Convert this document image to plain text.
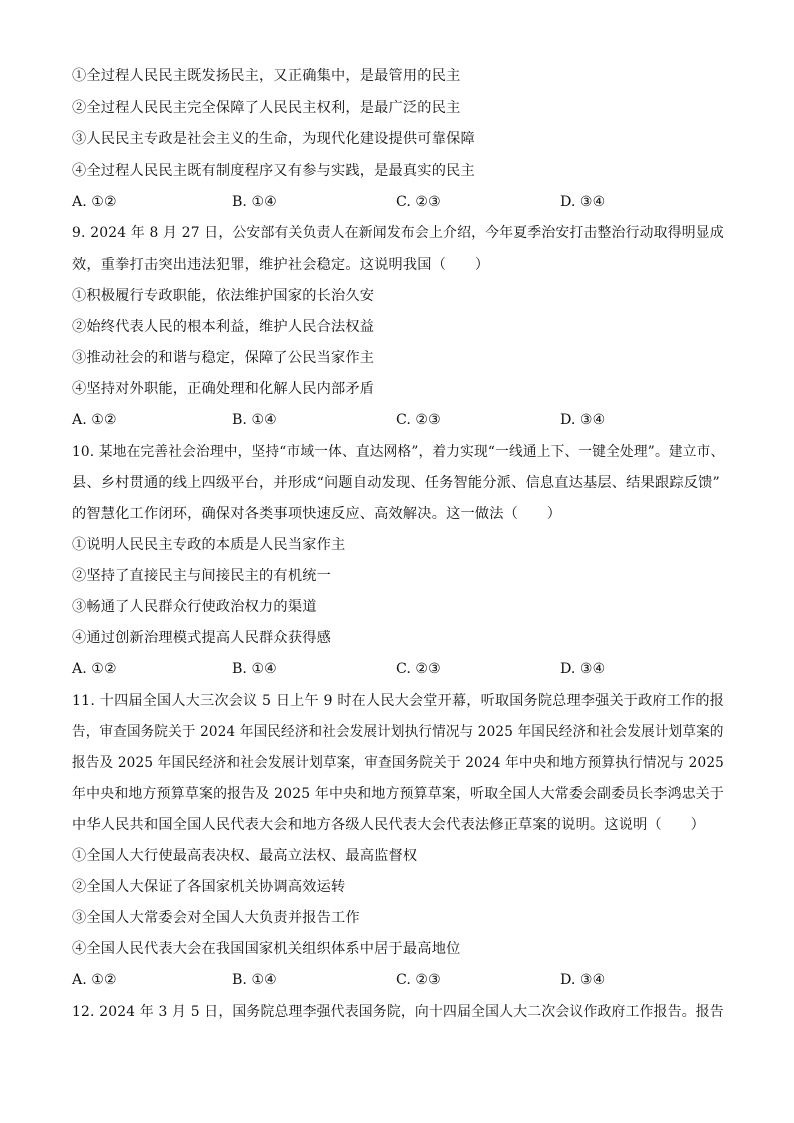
①全过程人民民主既发扬民主，又正确集中，是最管用的民主
②全过程人民民主完全保障了人民民主权利，是最广泛的民主
③人民民主专政是社会主义的生命，为现代化建设提供可靠保障
④全过程人民民主既有制度程序又有参与实践，是最真实的民主
A. ①②	B. ①④	C. ②③	D. ③④
9. 2024 年 8 月 27 日，公安部有关负责人在新闻发布会上介绍，今年夏季治安打击整治行动取得明显成
效，重拳打击突出违法犯罪，维护社会稳定。这说明我国（　　）
①积极履行专政职能，依法维护国家的长治久安
②始终代表人民的根本利益，维护人民合法权益
③推动社会的和谐与稳定，保障了公民当家作主
④坚持对外职能，正确处理和化解人民内部矛盾
A. ①②	B. ①④	C. ②③	D. ③④
10. 某地在完善社会治理中，坚持“市域一体、直达网格”，着力实现“一线通上下、一键全处理”。建立市、
县、乡村贯通的线上四级平台，并形成“问题自动发现、任务智能分派、信息直达基层、结果跟踪反馈”
的智慧化工作闭环，确保对各类事项快速反应、高效解决。这一做法（　　）
①说明人民民主专政的本质是人民当家作主
②坚持了直接民主与间接民主的有机统一
③畅通了人民群众行使政治权力的渠道
④通过创新治理模式提高人民群众获得感
A. ①②	B. ①④	C. ②③	D. ③④
11. 十四届全国人大三次会议 5 日上午 9 时在人民大会堂开幕，听取国务院总理李强关于政府工作的报
告，审查国务院关于 2024 年国民经济和社会发展计划执行情况与 2025 年国民经济和社会发展计划草案的
报告及 2025 年国民经济和社会发展计划草案，审查国务院关于 2024 年中央和地方预算执行情况与 2025
年中央和地方预算草案的报告及 2025 年中央和地方预算草案，听取全国人大常委会副委员长李鸿忠关于
中华人民共和国全国人民代表大会和地方各级人民代表大会代表法修正草案的说明。这说明（　　）
①全国人大行使最高表决权、最高立法权、最高监督权
②全国人大保证了各国家机关协调高效运转
③全国人大常委会对全国人大负责并报告工作
④全国人民代表大会在我国国家机关组织体系中居于最高地位
A. ①②	B. ①④	C. ②③	D. ③④
12. 2024 年 3 月 5 日，国务院总理李强代表国务院，向十四届全国人大二次会议作政府工作报告。报告
